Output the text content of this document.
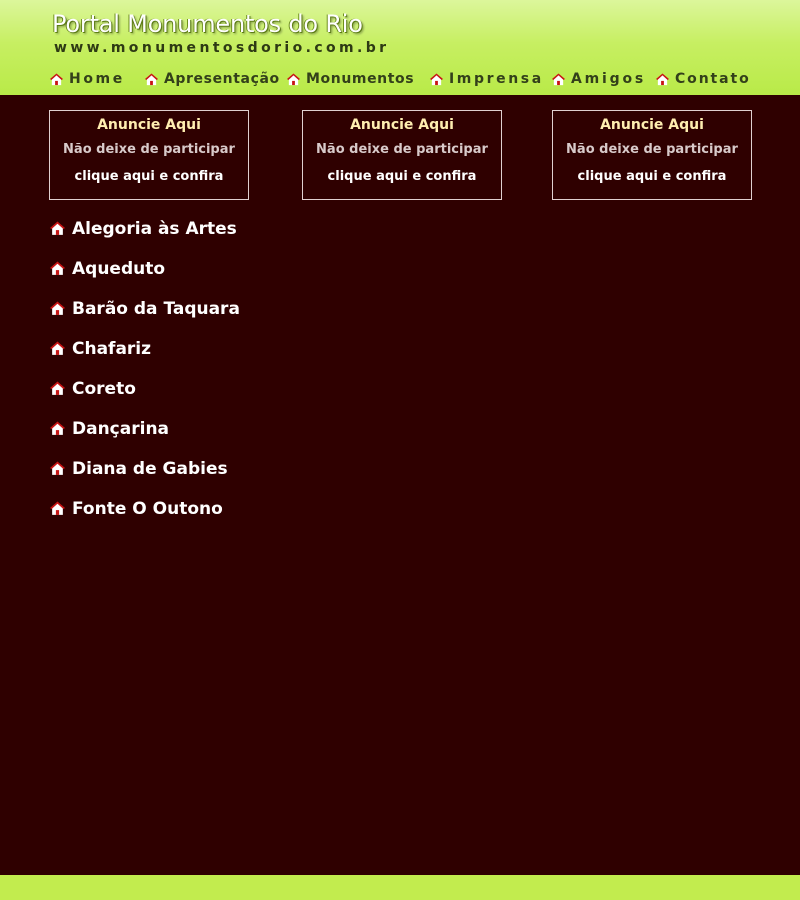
Portal Monumentos do Rio
www.monumentosdorio.com.br
Home	Apresentação Monumentos Imprensa Amigos Contato
Anuncie Aqui
Não deixe de participar
clique aqui e confira
Anuncie Aqui
Não deixe de participar
clique aqui e confira
Anuncie Aqui
Não deixe de participar
clique aqui e confira
Alegoria às Artes
Aqueduto
Barão da Taquara
Chafariz
Coreto
Dançarina
Diana de Gabies
Fonte O Outono
